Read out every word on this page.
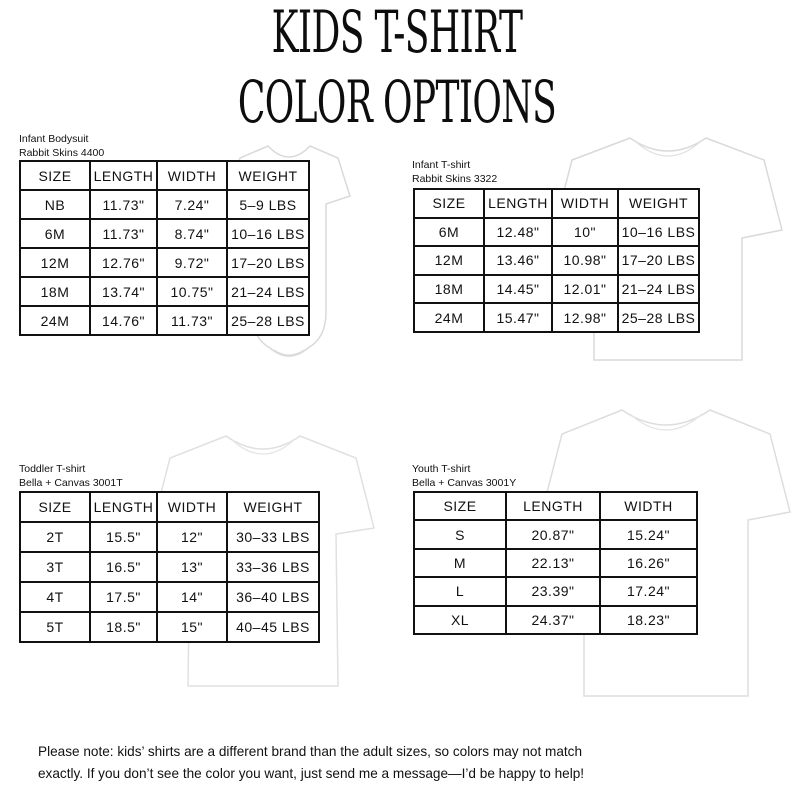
KIDS T-SHIRT
COLOR OPTIONS
Infant Bodysuit
Rabbit Skins 4400
SIZE	LENGTH	WIDTH	WEIGHT
NB	11.73"	7.24"	5–9 LBS
6M	11.73"	8.74"	10–16 LBS
12M	12.76"	9.72"	17–20 LBS
18M	13.74"	10.75"	21–24 LBS
24M	14.76"	11.73"	25–28 LBS
Infant T-shirt
Rabbit Skins 3322
SIZE	LENGTH	WIDTH	WEIGHT
6M	12.48"	10"	10–16 LBS
12M	13.46"	10.98"	17–20 LBS
18M	14.45"	12.01"	21–24 LBS
24M	15.47"	12.98"	25–28 LBS
Toddler T-shirt
Bella + Canvas 3001T
SIZE	LENGTH	WIDTH	WEIGHT
2T	15.5"	12"	30–33 LBS
3T	16.5"	13"	33–36 LBS
4T	17.5"	14"	36–40 LBS
5T	18.5"	15"	40–45 LBS
Youth T-shirt
Bella + Canvas 3001Y
SIZE	LENGTH	WIDTH
S	20.87"	15.24"
M	22.13"	16.26"
L	23.39"	17.24"
XL	24.37"	18.23"
Please note: kids’ shirts are a different brand than the adult sizes, so colors may not match
exactly. If you don’t see the color you want, just send me a message—I’d be happy to help!
